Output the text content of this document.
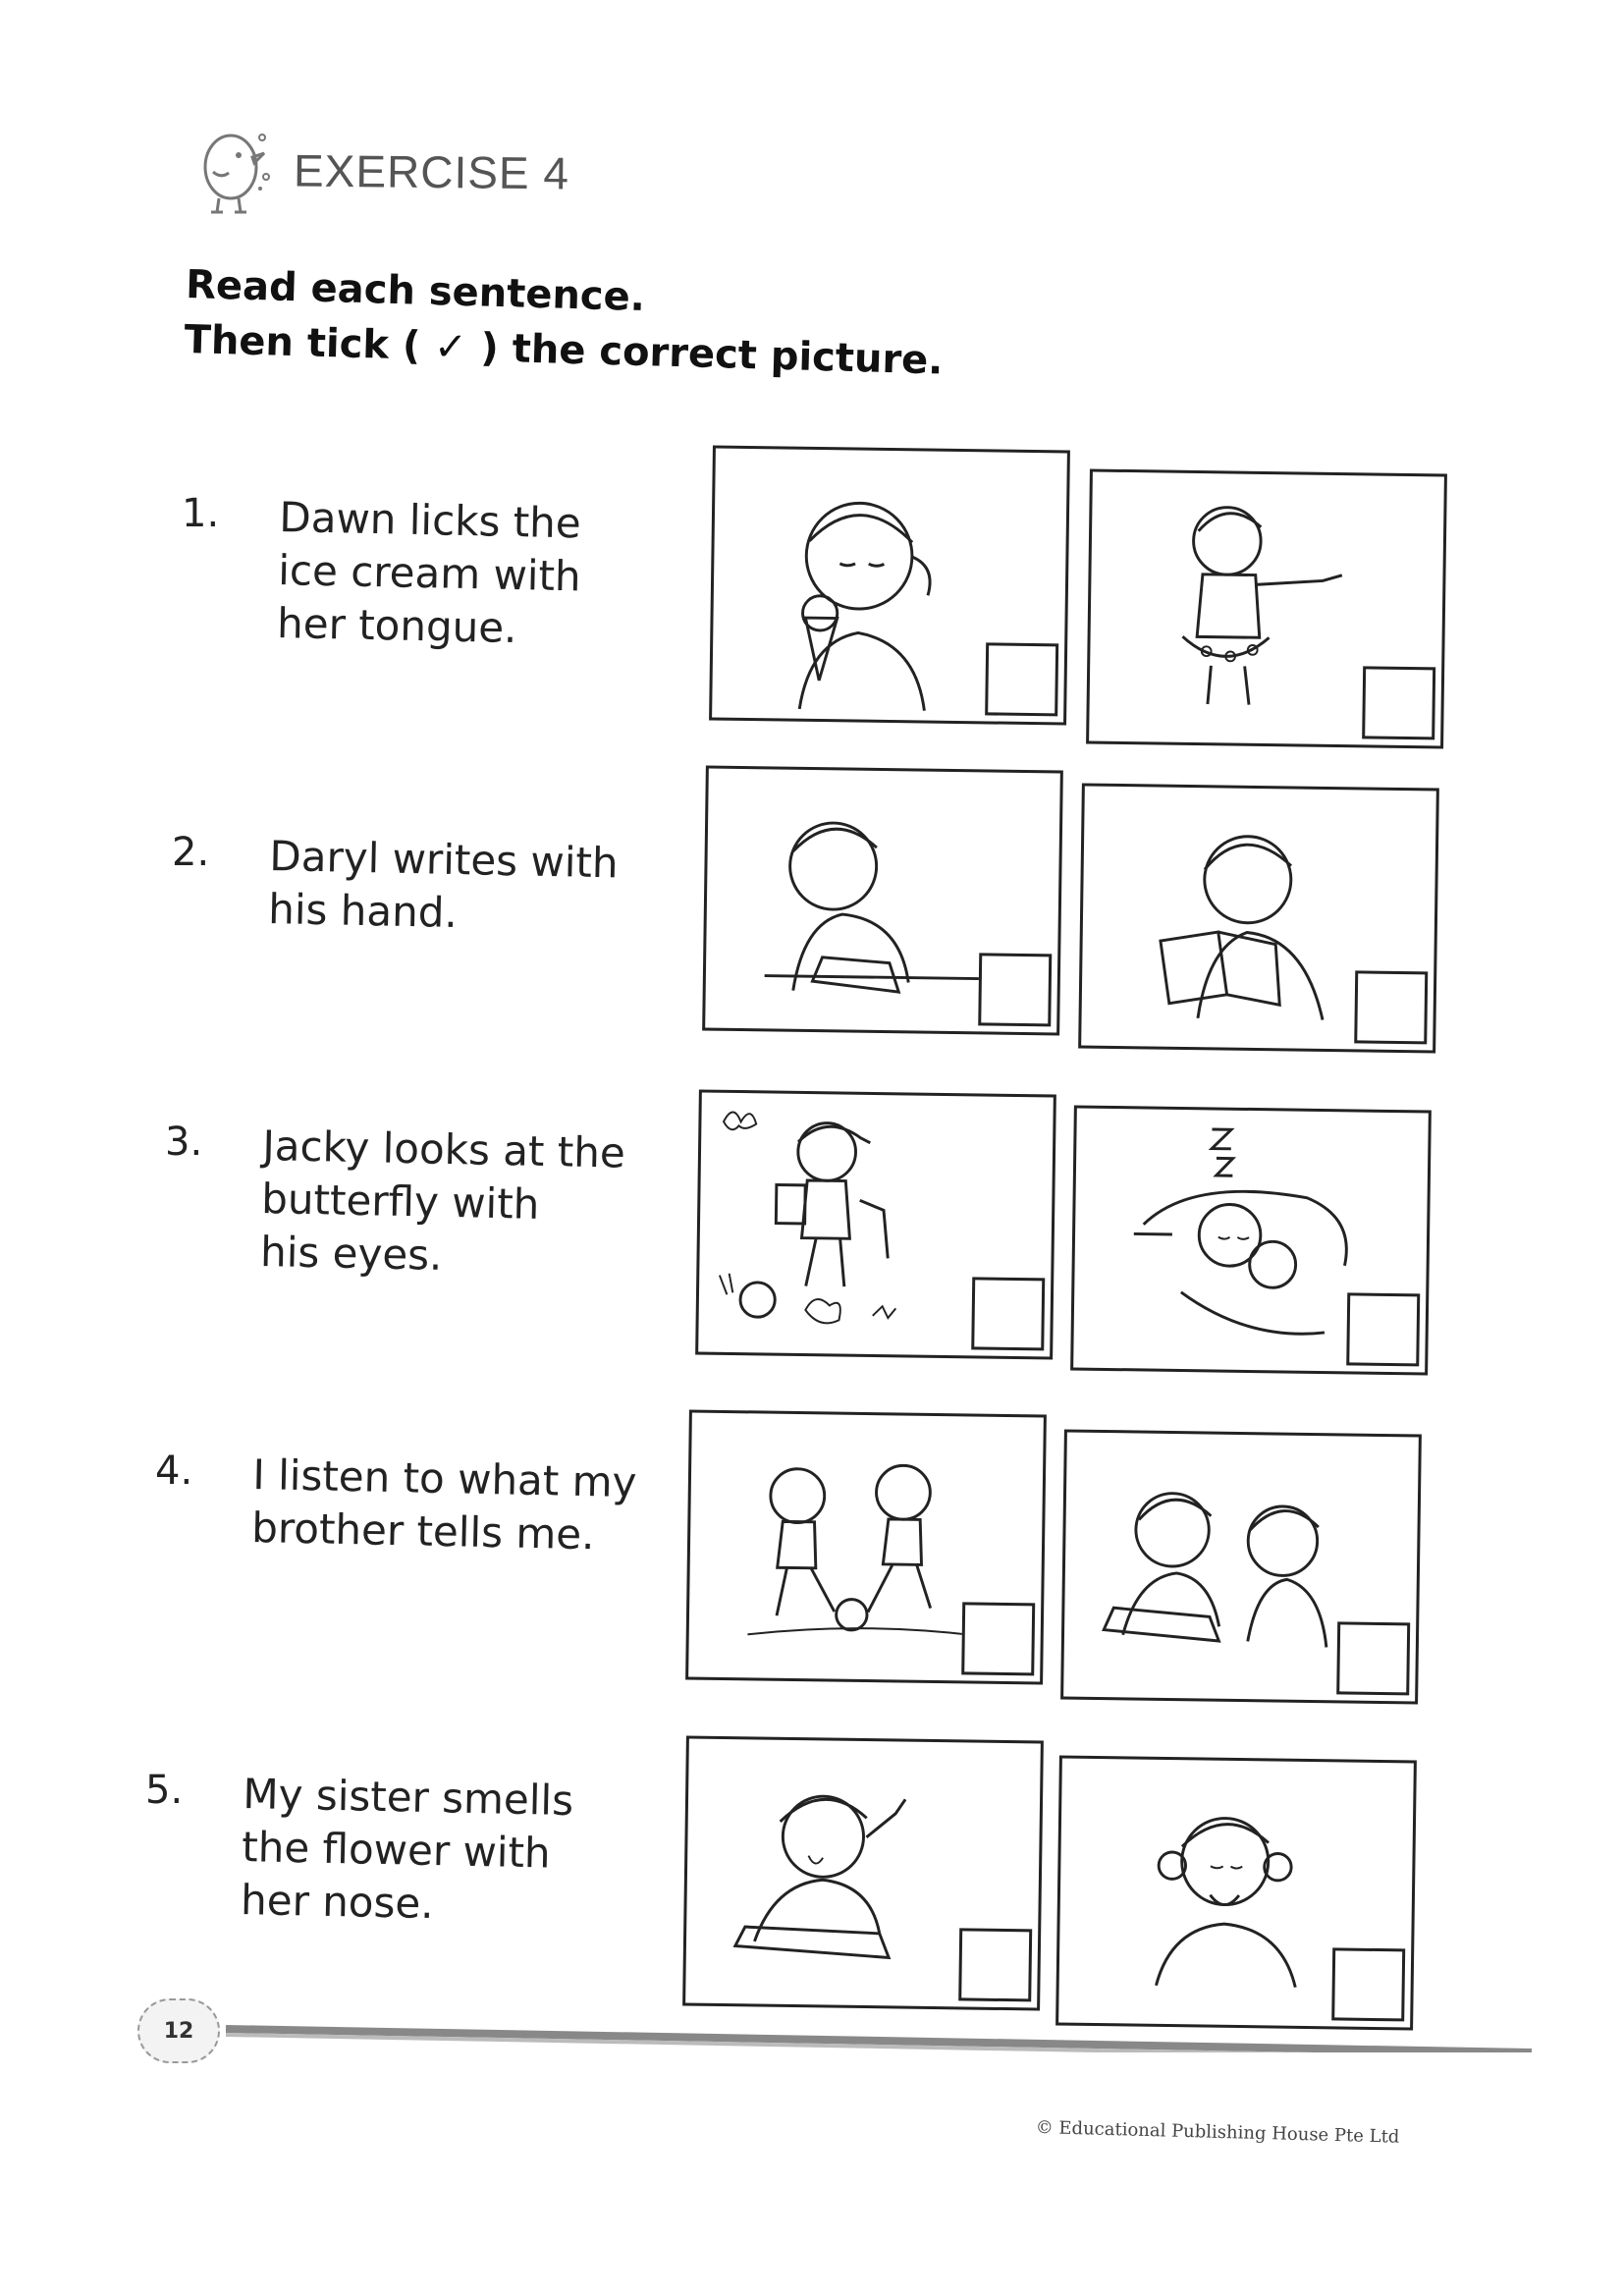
EXERCISE 4
Read each sentence.
Then tick ( ✓ ) the correct picture.
1. Dawn licks the
ice cream with
her tongue.
2. Daryl writes with
his hand.
3. Jacky looks at the
butterfly with
his eyes.
4. I listen to what my
brother tells me.
5. My sister smells
the flower with
her nose.
12
© Educational Publishing House Pte Ltd
